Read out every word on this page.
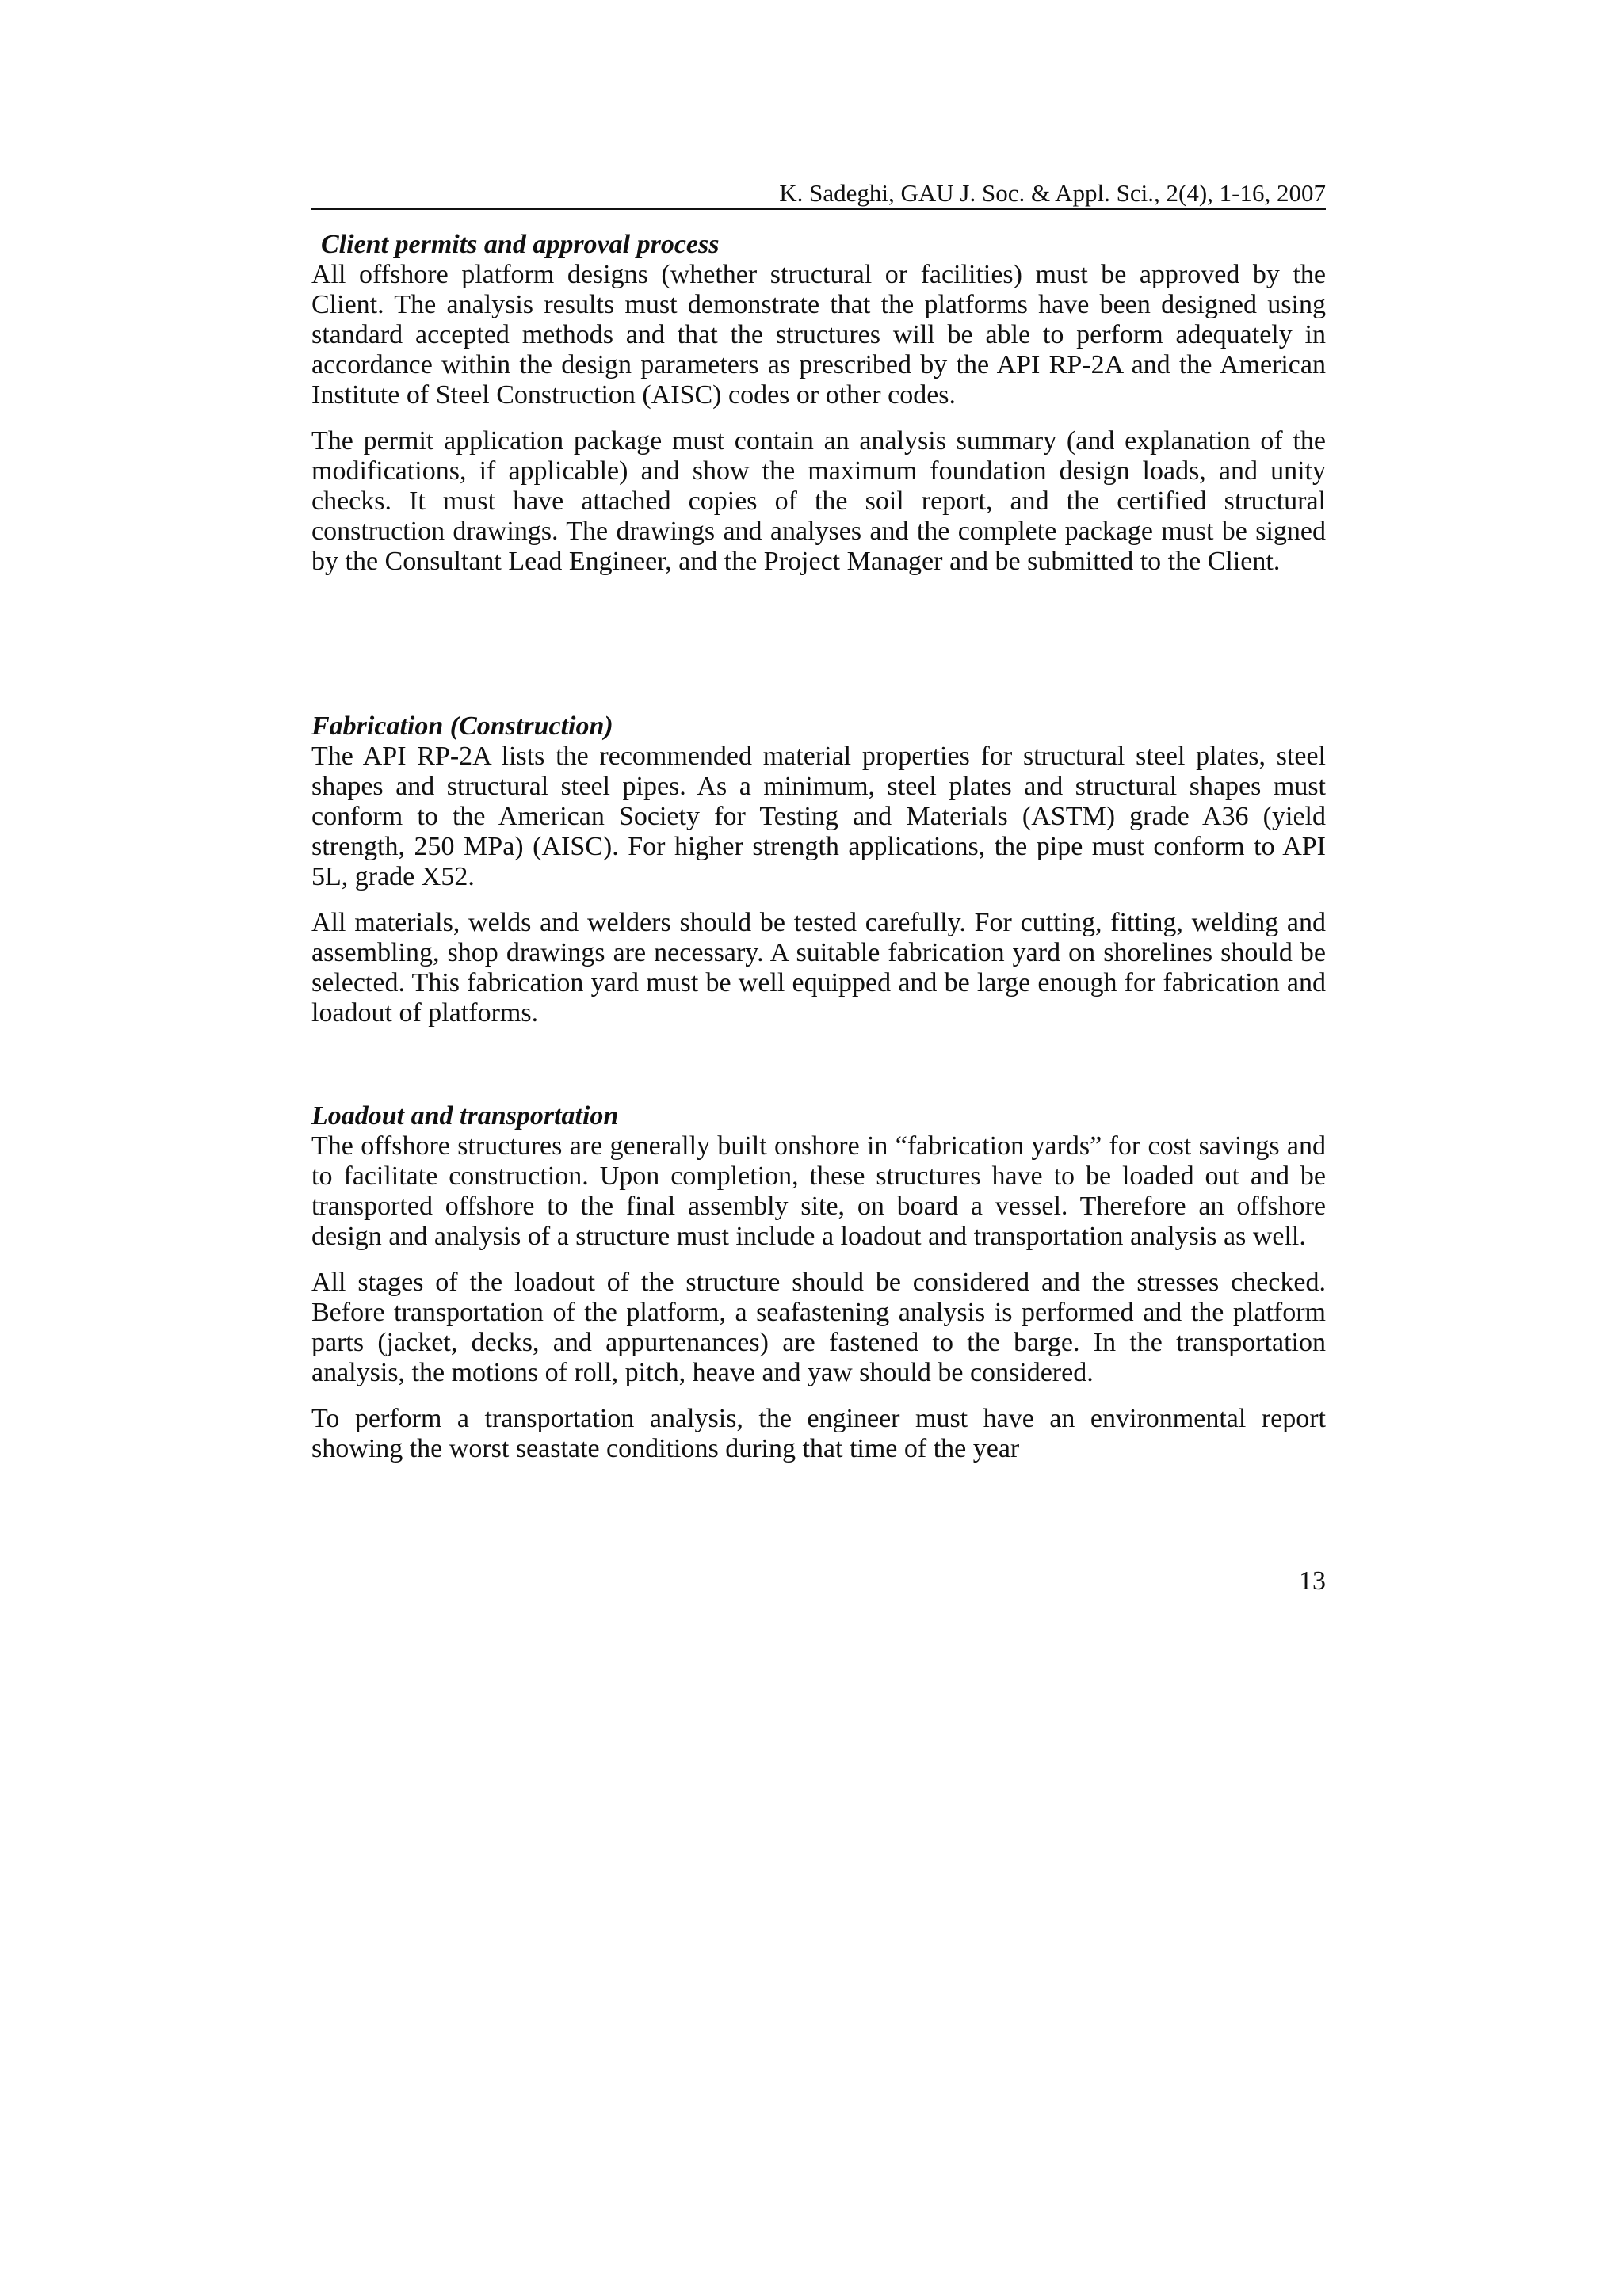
K. Sadeghi, GAU J. Soc. & Appl. Sci., 2(4), 1-16, 2007
Client permits and approval process

All offshore platform designs (whether structural or facilities) must be approved by the Client. The analysis results must demonstrate that the platforms have been designed using standard accepted methods and that the structures will be able to perform adequately in accordance within the design parameters as prescribed by the API RP-2A and the American Institute of Steel Construction (AISC) codes or other codes.

The permit application package must contain an analysis summary (and explanation of the modifications, if applicable) and show the maximum foundation design loads, and unity checks. It must have attached copies of the soil report, and the certified structural construction drawings. The drawings and analyses and the complete package must be signed by the Consultant Lead Engineer, and the Project Manager and be submitted to the Client.

Fabrication (Construction)

The API RP-2A lists the recommended material properties for structural steel plates, steel shapes and structural steel pipes. As a minimum, steel plates and structural shapes must conform to the American Society for Testing and Materials (ASTM) grade A36 (yield strength, 250 MPa) (AISC). For higher strength applications, the pipe must conform to API 5L, grade X52.

All materials, welds and welders should be tested carefully. For cutting, fitting, welding and assembling, shop drawings are necessary. A suitable fabrication yard on shorelines should be selected. This fabrication yard must be well equipped and be large enough for fabrication and loadout of platforms.

Loadout and transportation

The offshore structures are generally built onshore in “fabrication yards” for cost savings and to facilitate construction. Upon completion, these structures have to be loaded out and be transported offshore to the final assembly site, on board a vessel. Therefore an offshore design and analysis of a structure must include a loadout and transportation analysis as well.

All stages of the loadout of the structure should be considered and the stresses checked. Before transportation of the platform, a seafastening analysis is performed and the platform parts (jacket, decks, and appurtenances) are fastened to the barge. In the transportation analysis, the motions of roll, pitch, heave and yaw should be considered.

To perform a transportation analysis, the engineer must have an environmental report showing the worst seastate conditions during that time of the year

13
